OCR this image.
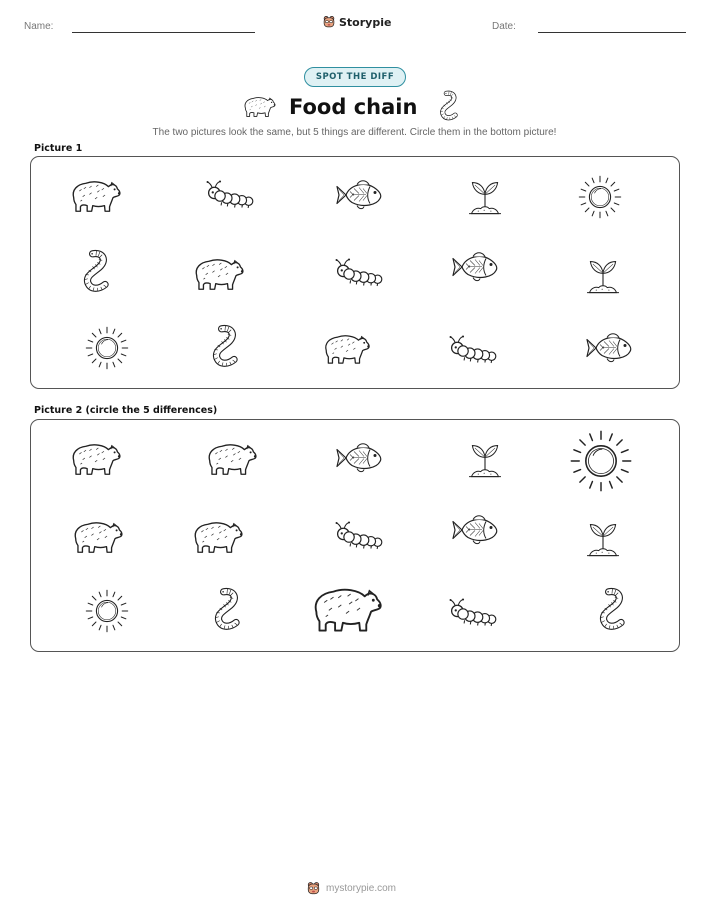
Name:	Storypie	Date:
SPOT THE DIFF
Food chain

The two pictures look the same, but 5 things are different. Circle them in the bottom picture!

Picture 1
Picture 2 (circle the 5 differences)
mystorypie.com
